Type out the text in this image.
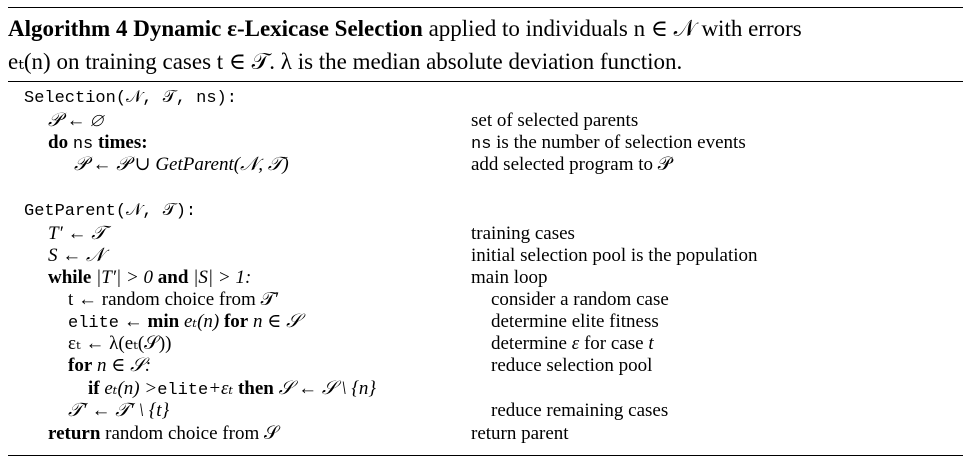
Algorithm 4 Dynamic ε-Lexicase Selection applied to individuals n ∈ 𝒩 with errors
eₜ(n) on training cases t ∈ 𝒯. λ is the median absolute deviation function.
Selection(𝒩, 𝒯, ns):
𝒫 ← ∅
do ns times:
𝒫 ← 𝒫 ∪ GetParent(𝒩, 𝒯)
GetParent(𝒩, 𝒯):
T′ ← 𝒯
S ← 𝒩
while |T′| > 0 and |S| > 1:
t ← random choice from 𝒯′
elite ← min eₜ(n) for n ∈ 𝒮
εₜ ← λ(eₜ(𝒮))
for n ∈ 𝒮:
if eₜ(n) >elite+εₜ then 𝒮 ← 𝒮 \ {n}
𝒯′ ← 𝒯′ \ {t}
return random choice from 𝒮
set of selected parents
ns is the number of selection events
add selected program to 𝒫
training cases
initial selection pool is the population
main loop
consider a random case
determine elite fitness
determine ε for case t
reduce selection pool
reduce remaining cases
return parent
